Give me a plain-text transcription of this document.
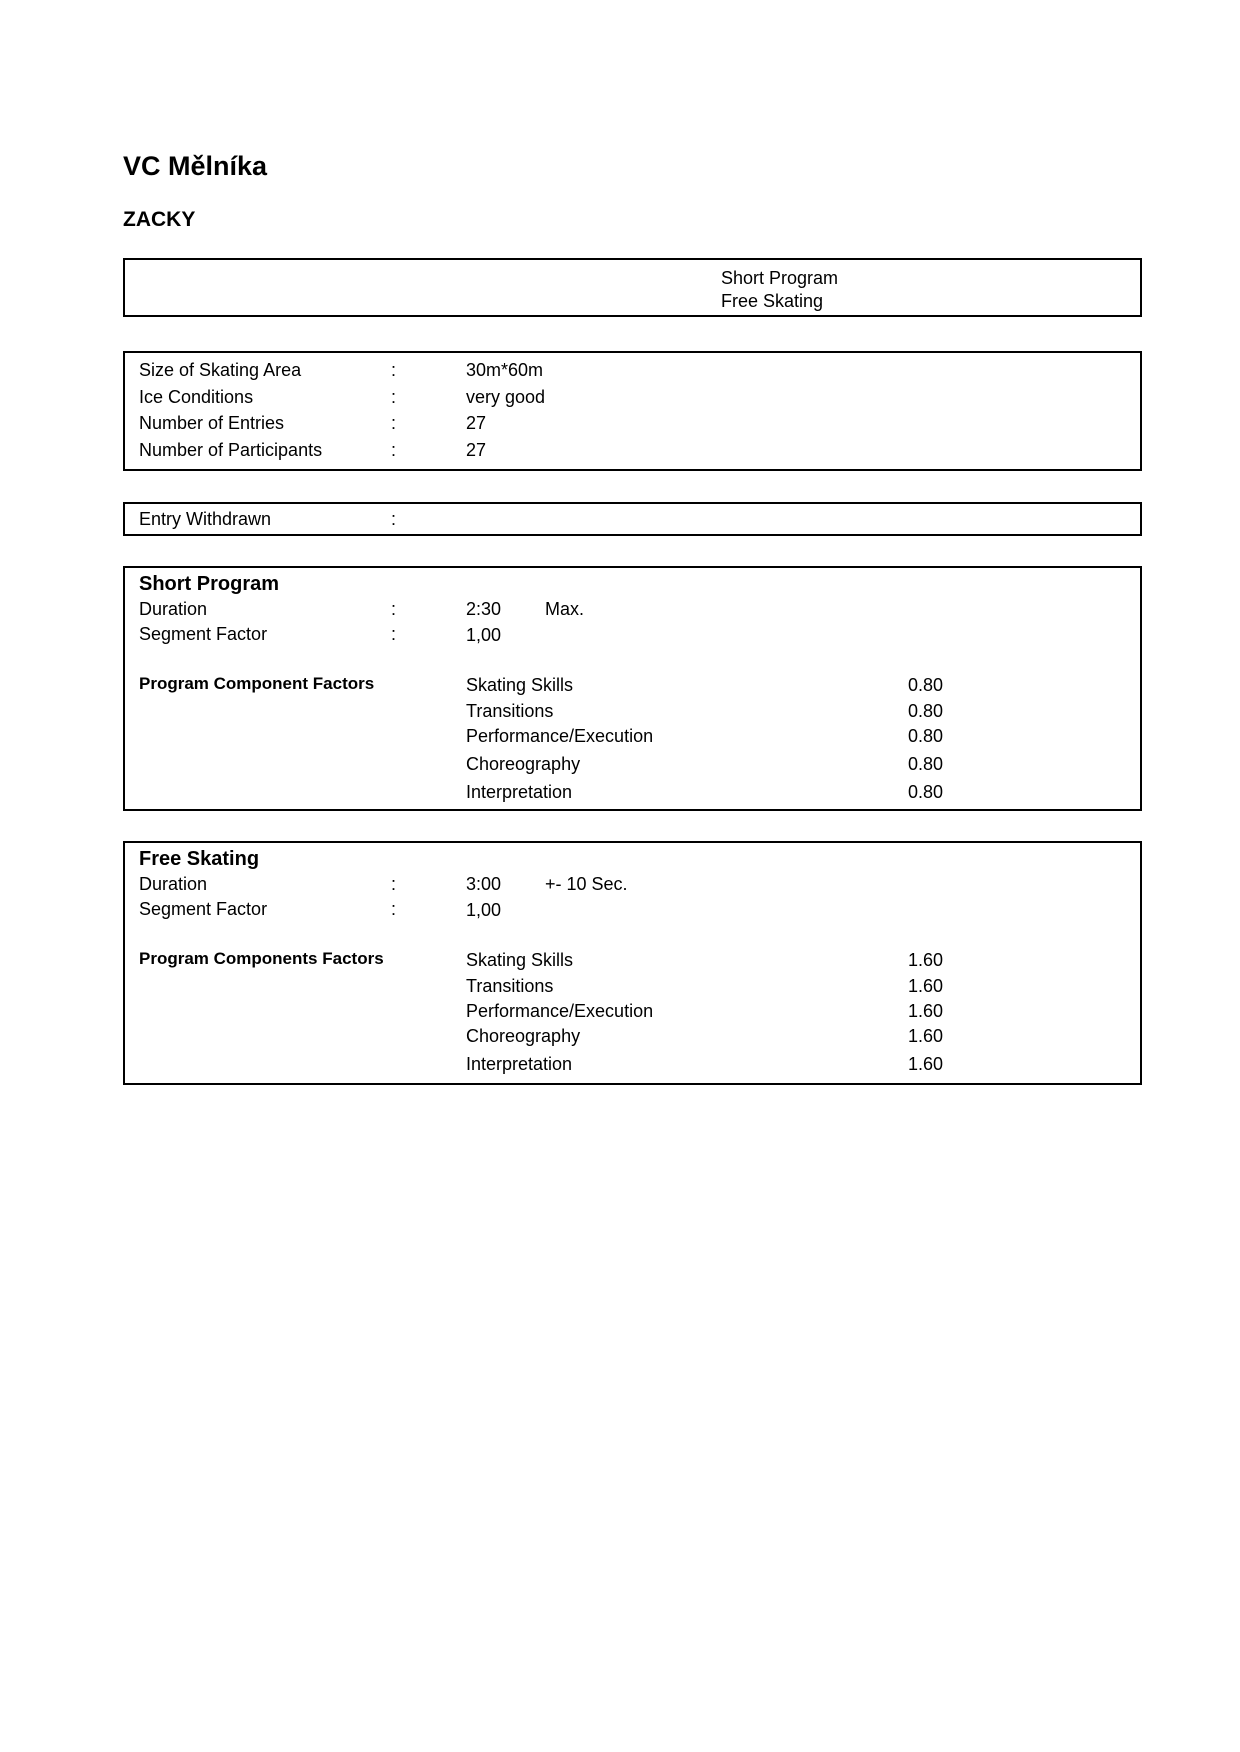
VC Mělníka
ZACKY
Short Program
Free Skating
Size of Skating Area	:	30m*60m
Ice Conditions	:	very good
Number of Entries	:	27
Number of Participants	:	27
Entry Withdrawn	:
Short Program
Duration	:	2:30 Max.
Segment Factor	:	1,00
Program Component Factors	Skating Skills	0.80
Transitions	0.80
Performance/Execution	0.80
Choreography	0.80
Interpretation	0.80
Free Skating
Duration	:	3:00 +- 10 Sec.
Segment Factor	:	1,00
Program Components Factors	Skating Skills	1.60
Transitions	1.60
Performance/Execution	1.60
Choreography	1.60
Interpretation	1.60
